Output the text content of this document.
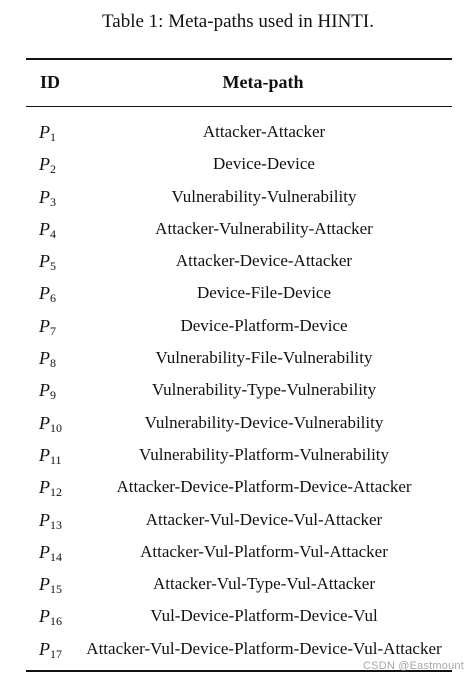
Table 1: Meta-paths used in HINTI.
ID	Meta-path
$P_1$	Attacker-Attacker
$P_2$	Device-Device
$P_3$	Vulnerability-Vulnerability
$P_4$	Attacker-Vulnerability-Attacker
$P_5$	Attacker-Device-Attacker
$P_6$	Device-File-Device
$P_7$	Device-Platform-Device
$P_8$	Vulnerability-File-Vulnerability
$P_9$	Vulnerability-Type-Vulnerability
$P_{10}$	Vulnerability-Device-Vulnerability
$P_{11}$	Vulnerability-Platform-Vulnerability
$P_{12}$	Attacker-Device-Platform-Device-Attacker
$P_{13}$	Attacker-Vul-Device-Vul-Attacker
$P_{14}$	Attacker-Vul-Platform-Vul-Attacker
$P_{15}$	Attacker-Vul-Type-Vul-Attacker
$P_{16}$	Vul-Device-Platform-Device-Vul
$P_{17}$	Attacker-Vul-Device-Platform-Device-Vul-Attacker
CSDN @Eastmount
